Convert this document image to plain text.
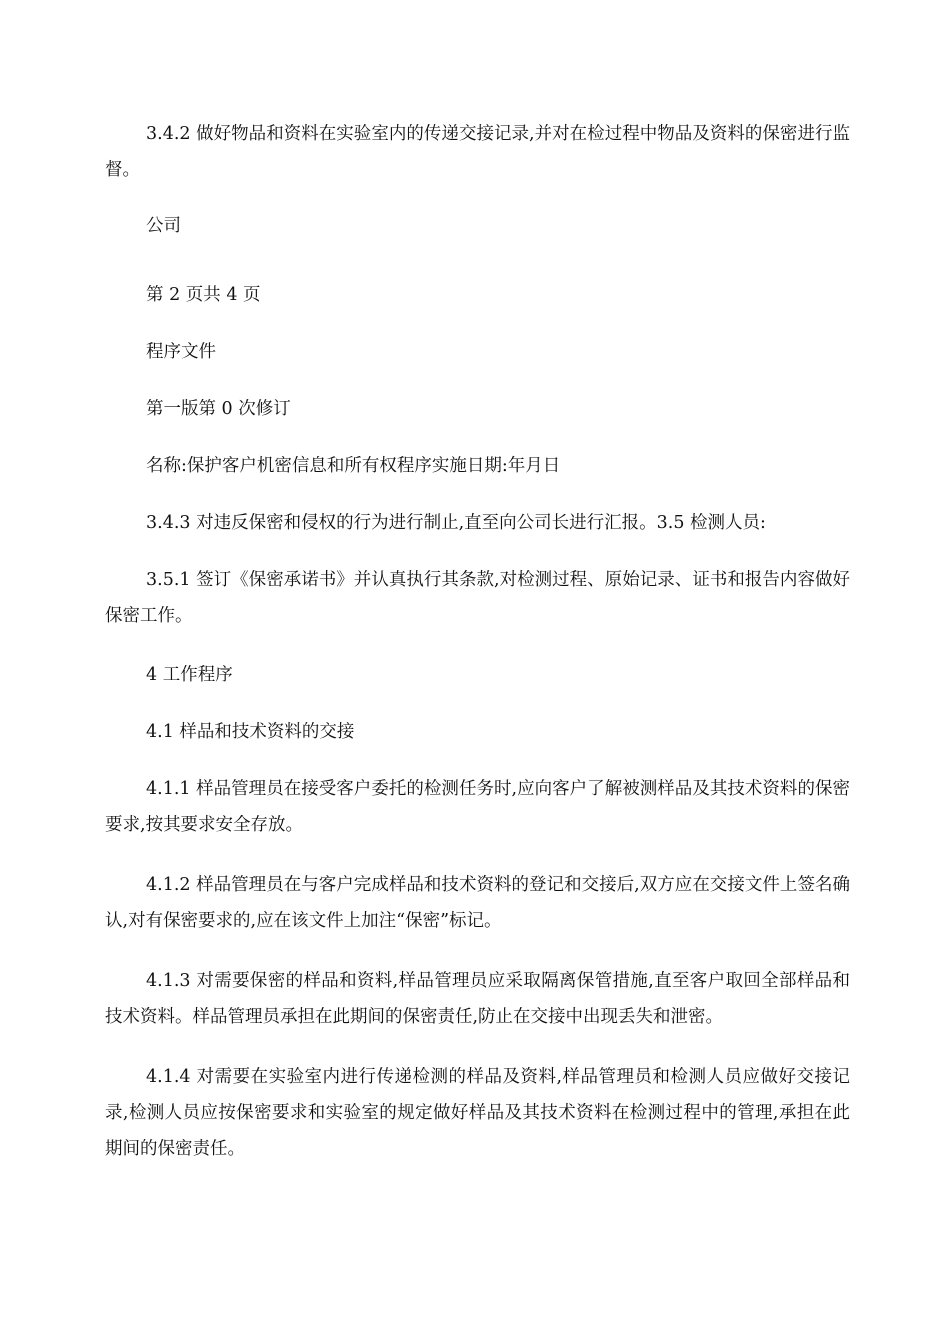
3.4.2 做好物品和资料在实验室内的传递交接记录,并对在检过程中物品及资料的保密进行监督。

公司

第 2 页共 4 页

程序文件

第一版第 0 次修订

名称:保护客户机密信息和所有权程序实施日期:年月日

3.4.3 对违反保密和侵权的行为进行制止,直至向公司长进行汇报。3.5 检测人员:

3.5.1 签订《保密承诺书》并认真执行其条款,对检测过程、原始记录、证书和报告内容做好保密工作。

4 工作程序

4.1 样品和技术资料的交接

4.1.1 样品管理员在接受客户委托的检测任务时,应向客户了解被测样品及其技术资料的保密要求,按其要求安全存放。

4.1.2 样品管理员在与客户完成样品和技术资料的登记和交接后,双方应在交接文件上签名确认,对有保密要求的,应在该文件上加注“保密”标记。

4.1.3 对需要保密的样品和资料,样品管理员应采取隔离保管措施,直至客户取回全部样品和技术资料。样品管理员承担在此期间的保密责任,防止在交接中出现丢失和泄密。

4.1.4 对需要在实验室内进行传递检测的样品及资料,样品管理员和检测人员应做好交接记录,检测人员应按保密要求和实验室的规定做好样品及其技术资料在检测过程中的管理,承担在此期间的保密责任。
